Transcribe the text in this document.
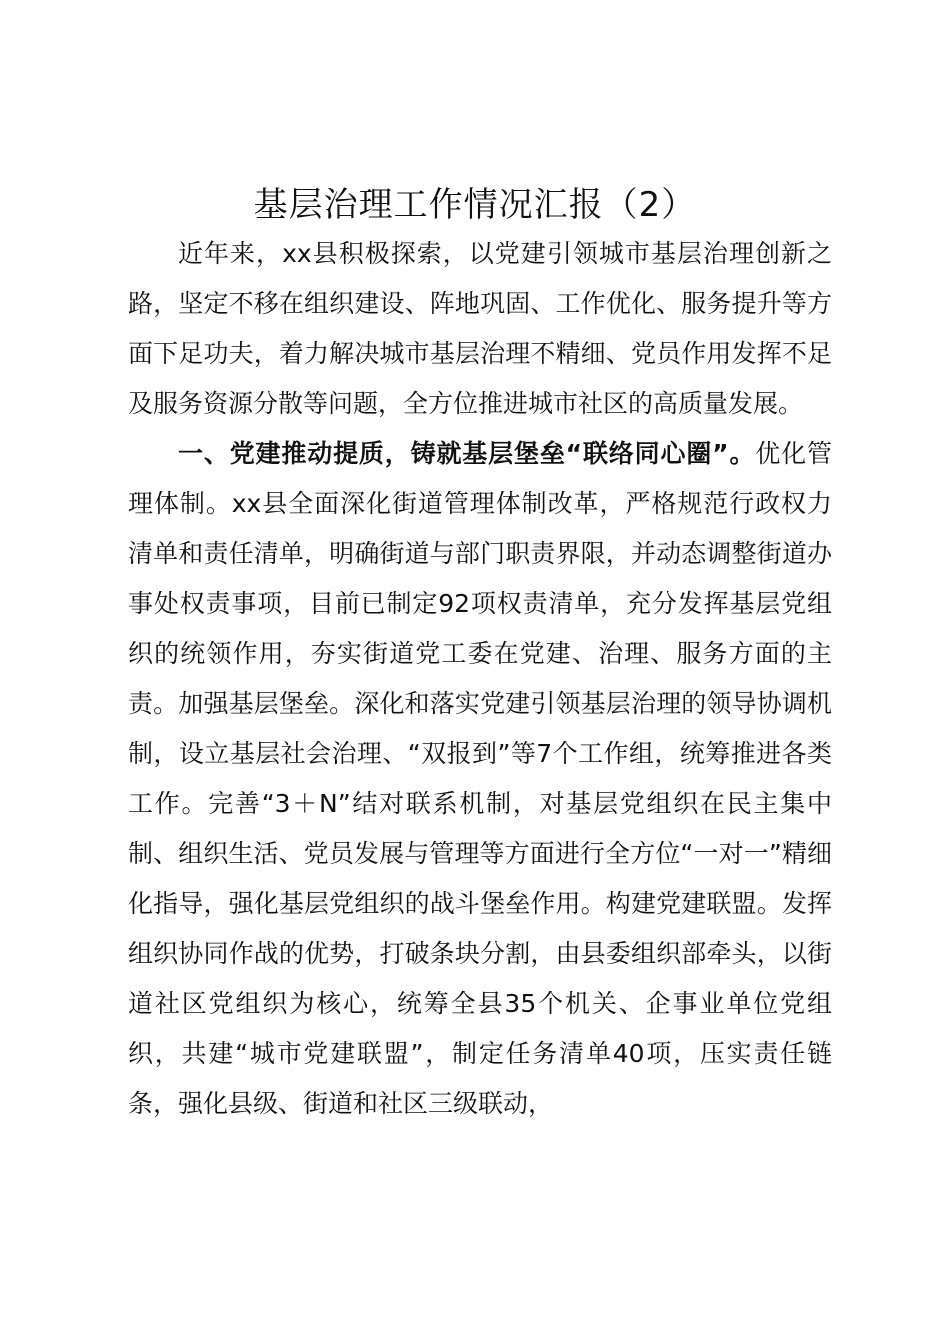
基层治理工作情况汇报（2）

近年来，xx县积极探索，以党建引领城市基层治理创新之路，坚定不移在组织建设、阵地巩固、工作优化、服务提升等方面下足功夫，着力解决城市基层治理不精细、党员作用发挥不足及服务资源分散等问题，全方位推进城市社区的高质量发展。

一、党建推动提质，铸就基层堡垒“联络同心圈”。优化管理体制。xx县全面深化街道管理体制改革，严格规范行政权力清单和责任清单，明确街道与部门职责界限，并动态调整街道办事处权责事项，目前已制定92项权责清单，充分发挥基层党组织的统领作用，夯实街道党工委在党建、治理、服务方面的主责。加强基层堡垒。深化和落实党建引领基层治理的领导协调机制，设立基层社会治理、“双报到”等7个工作组，统筹推进各类工作。完善“3＋N”结对联系机制，对基层党组织在民主集中制、组织生活、党员发展与管理等方面进行全方位“一对一”精细化指导，强化基层党组织的战斗堡垒作用。构建党建联盟。发挥组织协同作战的优势，打破条块分割，由县委组织部牵头，以街道社区党组织为核心，统筹全县35个机关、企事业单位党组织，共建“城市党建联盟”，制定任务清单40项，压实责任链条，强化县级、街道和社区三级联动，
